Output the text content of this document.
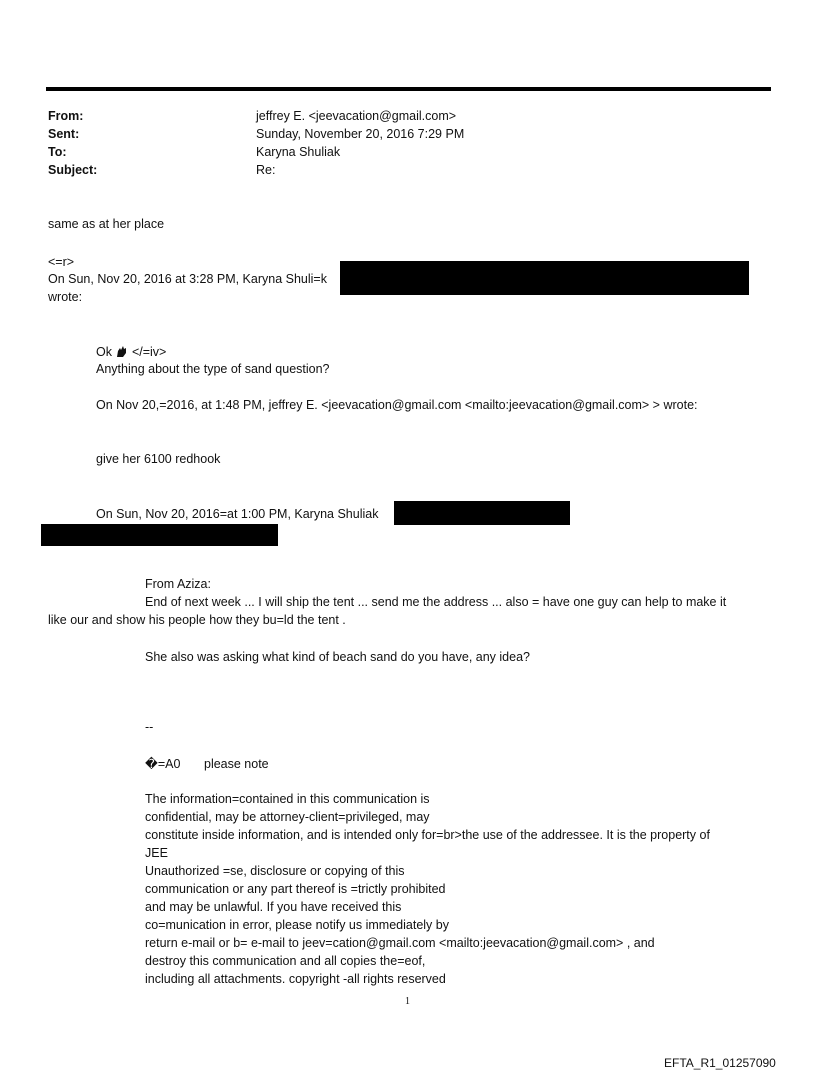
From:	jeffrey E. <jeevacation@gmail.com>
Sent:	Sunday, November 20, 2016 7:29 PM
To:	Karyna Shuliak
Subject:	Re:
same as at her place
<=r>
On Sun, Nov 20, 2016 at 3:28 PM, Karyna Shuli=k
wrote:
Ok </=iv>
Anything about the type of sand question?
On Nov 20,=2016, at 1:48 PM, jeffrey E. <jeevacation@gmail.com <mailto:jeevacation@gmail.com> > wrote:
give her 6100 redhook
On Sun, Nov 20, 2016=at 1:00 PM, Karyna Shuliak
From Aziza:
End of next week ... I will ship the tent ... send me the address ... also = have one guy can help to make it
like our and show his people how they bu=ld the tent .
She also was asking what kind of beach sand do you have, any idea?
--
�=A0 please note
The information=contained in this communication is
confidential, may be attorney-client=privileged, may
constitute inside information, and is intended only for=br>the use of the addressee. It is the property of
JEE
Unauthorized =se, disclosure or copying of this
communication or any part thereof is =trictly prohibited
and may be unlawful. If you have received this
co=munication in error, please notify us immediately by
return e-mail or b= e-mail to jeev=cation@gmail.com <mailto:jeevacation@gmail.com> , and
destroy this communication and all copies the=eof,
including all attachments. copyright -all rights reserved
1
EFTA_R1_01257090
